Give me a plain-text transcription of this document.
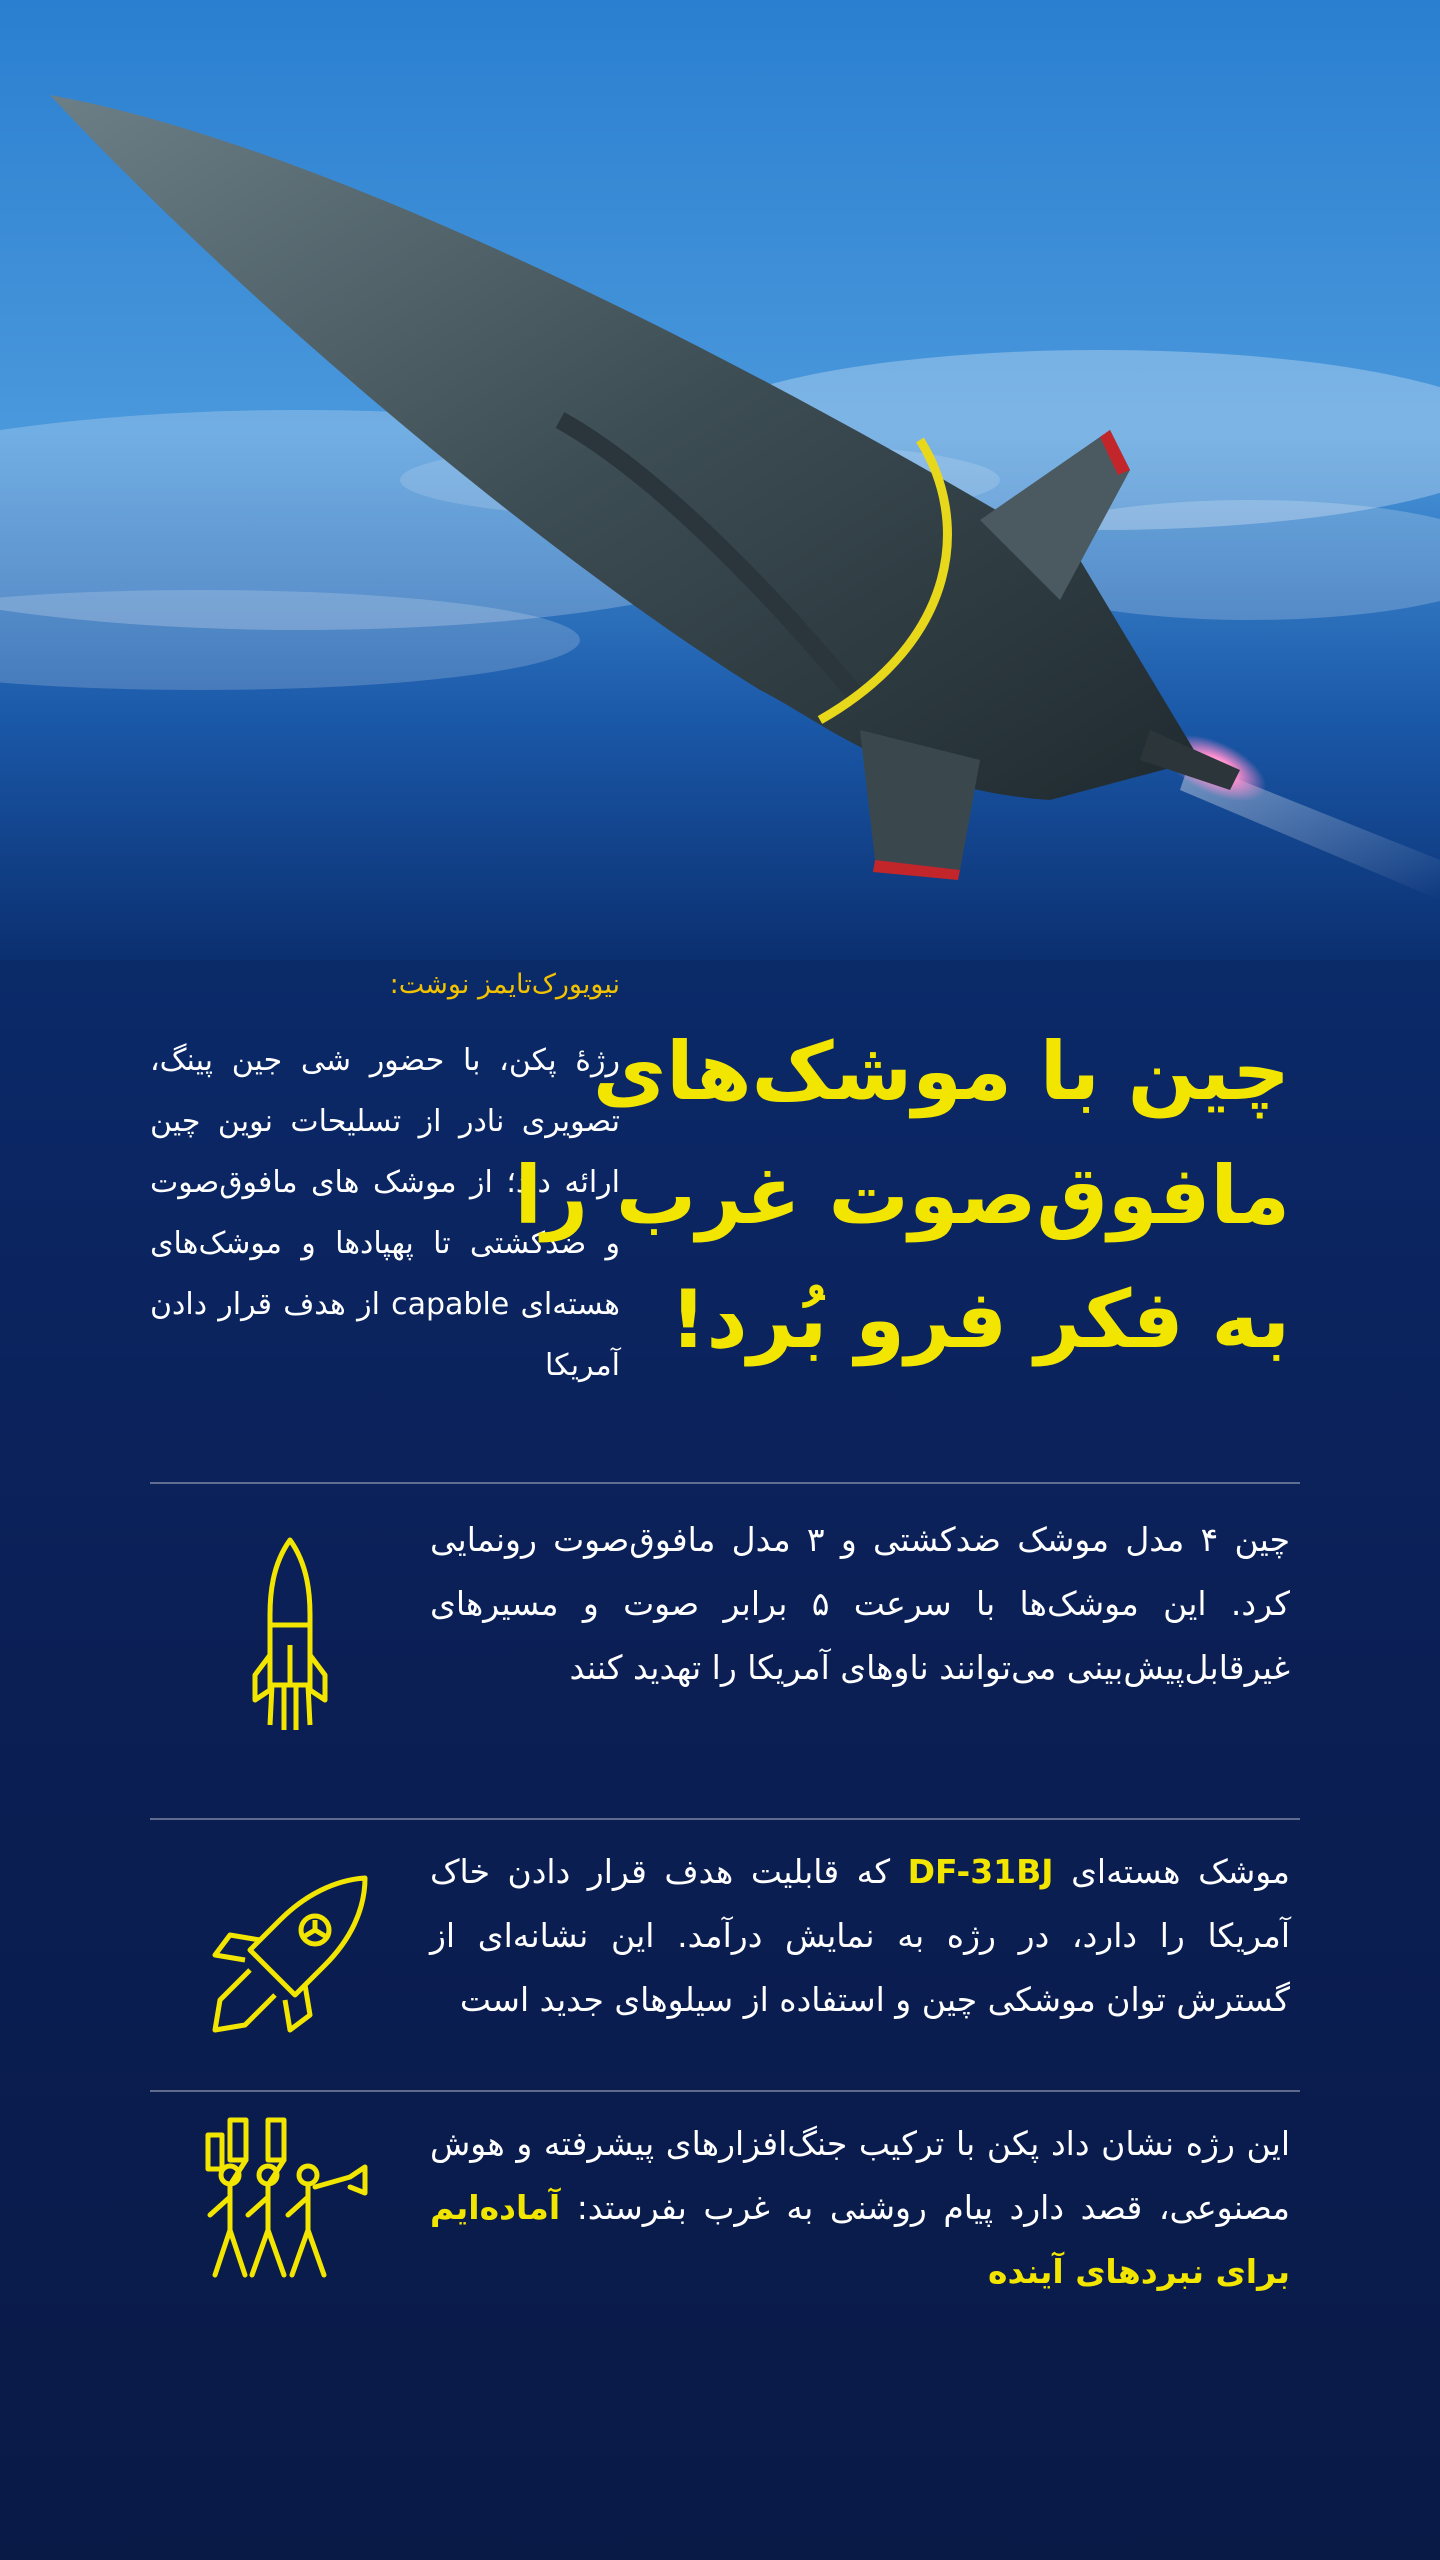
نیویورک‌تایمز نوشت:
رژۀ پکن، با حضور شی جین پینگ، تصویری نادر از تسلیحات نوین چین ارائه داد؛ از موشک های مافوق‌صوت و ضدکشتی تا پهپادها و موشک‌های هسته‌ای capable از هدف قرار دادن آمریکا
چین با موشک‌های
مافوق‌صوت غرب را
به فکر فرو بُرد!
چین ۴ مدل موشک ضدکشتی و ۳ مدل مافوق‌صوت رونمایی کرد. این موشک‌ها با سرعت ۵ برابر صوت و مسیرهای غیرقابل‌پیش‌بینی می‌توانند ناوهای آمریکا را تهدید کنند
موشک هسته‌ای DF-31BJ که قابلیت هدف قرار دادن خاک آمریکا را دارد، در رژه به نمایش درآمد. این نشانه‌ای از گسترش توان موشکی چین و استفاده از سیلوهای جدید است
این رژه نشان داد پکن با ترکیب جنگ‌افزارهای پیشرفته و هوش مصنوعی، قصد دارد پیام روشنی به غرب بفرستد: آماده‌ایم برای نبردهای آینده
